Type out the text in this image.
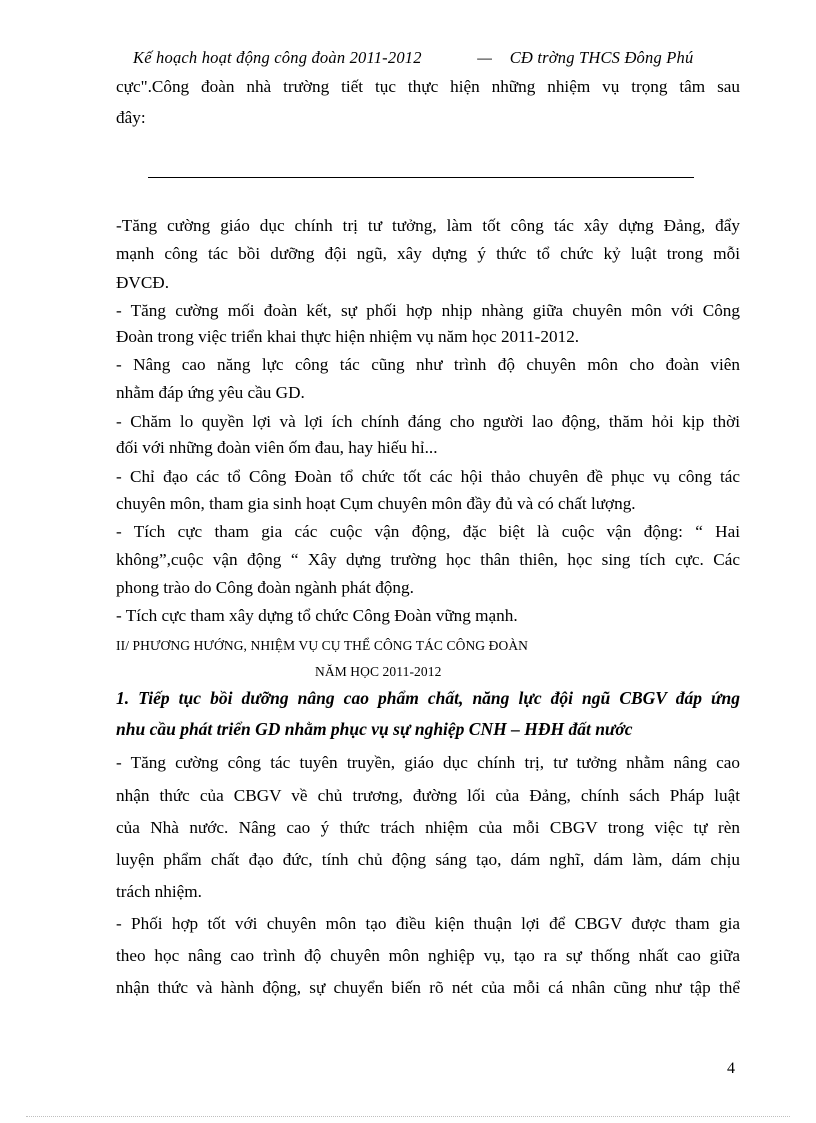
Kế hoạch hoạt động công đoàn 2011-2012	— CĐ trờng THCS Đông Phú
cực".Công đoàn nhà trường tiết tục thực hiện những nhiệm vụ trọng tâm sau
đây:
-Tăng cường giáo dục chính trị tư tưởng, làm tốt công tác xây dựng Đảng, đẩy
mạnh công tác bồi dưỡng đội ngũ, xây dựng ý thức tổ chức kỷ luật trong mỗi
ĐVCĐ.
- Tăng cường mối đoàn kết, sự phối hợp nhịp nhàng giữa chuyên môn với Công
Đoàn trong việc triển khai thực hiện nhiệm vụ năm học 2011-2012.
- Nâng cao năng lực công tác cũng như trình độ chuyên môn cho đoàn viên
nhằm đáp ứng yêu cầu GD.
- Chăm lo quyền lợi và lợi ích chính đáng cho người lao động, thăm hỏi kịp thời
đối với những đoàn viên ốm đau, hay hiếu hỉ...
- Chỉ đạo các tổ Công Đoàn tổ chức tốt các hội thảo chuyên đề phục vụ công tác
chuyên môn, tham gia sinh hoạt Cụm chuyên môn đầy đủ và có chất lượng.
- Tích cực tham gia các cuộc vận động, đặc biệt là cuộc vận động: “ Hai
không”,cuộc vận động “ Xây dựng trường học thân thiên, học sing tích cực. Các
phong trào do Công đoàn ngành phát động.
- Tích cực tham xây dựng tổ chức Công Đoàn vững mạnh.
II/ PHƯƠNG HƯỚNG, NHIỆM VỤ CỤ THỂ CÔNG TÁC CÔNG ĐOÀN
NĂM HỌC 2011-2012
1. Tiếp tục bồi dưỡng nâng cao phẩm chất, năng lực đội ngũ CBGV đáp ứng
nhu cầu phát triển GD nhằm phục vụ sự nghiệp CNH – HĐH đất nước
- Tăng cường công tác tuyên truyền, giáo dục chính trị, tư tưởng nhằm nâng cao
nhận thức của CBGV về chủ trương, đường lối của Đảng, chính sách Pháp luật
của Nhà nước. Nâng cao ý thức trách nhiệm của mỗi CBGV trong việc tự rèn
luyện phẩm chất đạo đức, tính chủ động sáng tạo, dám nghĩ, dám làm, dám chịu
trách nhiệm.
- Phối hợp tốt với chuyên môn tạo điều kiện thuận lợi để CBGV được tham gia
theo học nâng cao trình độ chuyên môn nghiệp vụ, tạo ra sự thống nhất cao giữa
nhận thức và hành động, sự chuyển biến rõ nét của mỗi cá nhân cũng như tập thể
4
